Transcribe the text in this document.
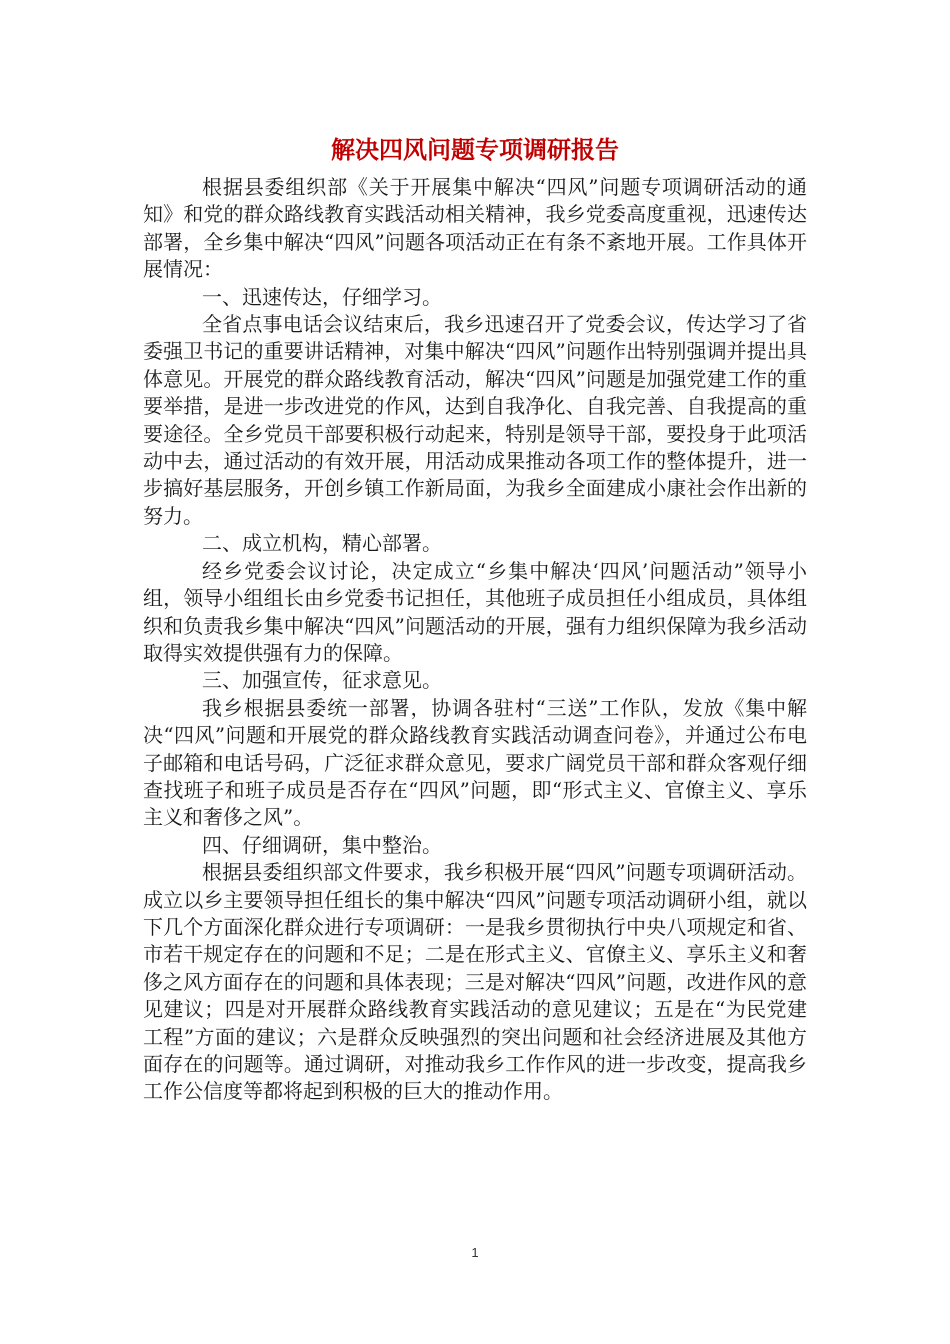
解决四风问题专项调研报告

根据县委组织部《关于开展集中解决“四风”问题专项调研活动的通知》和党的群众路线教育实践活动相关精神，我乡党委高度重视，迅速传达部署，全乡集中解决“四风”问题各项活动正在有条不紊地开展。工作具体开展情况：

一、迅速传达，仔细学习。

全省点事电话会议结束后，我乡迅速召开了党委会议，传达学习了省委强卫书记的重要讲话精神，对集中解决“四风”问题作出特别强调并提出具体意见。开展党的群众路线教育活动，解决“四风”问题是加强党建工作的重要举措，是进一步改进党的作风，达到自我净化、自我完善、自我提高的重要途径。全乡党员干部要积极行动起来，特别是领导干部，要投身于此项活动中去，通过活动的有效开展，用活动成果推动各项工作的整体提升，进一步搞好基层服务，开创乡镇工作新局面，为我乡全面建成小康社会作出新的努力。

二、成立机构，精心部署。

经乡党委会议讨论，决定成立“乡集中解决‘四风’问题活动”领导小组，领导小组组长由乡党委书记担任，其他班子成员担任小组成员，具体组织和负责我乡集中解决“四风”问题活动的开展，强有力组织保障为我乡活动取得实效提供强有力的保障。

三、加强宣传，征求意见。

我乡根据县委统一部署，协调各驻村“三送”工作队，发放《集中解决“四风”问题和开展党的群众路线教育实践活动调查问卷》，并通过公布电子邮箱和电话号码，广泛征求群众意见，要求广阔党员干部和群众客观仔细查找班子和班子成员是否存在“四风”问题，即“形式主义、官僚主义、享乐主义和奢侈之风”。

四、仔细调研，集中整治。

根据县委组织部文件要求，我乡积极开展“四风”问题专项调研活动。成立以乡主要领导担任组长的集中解决“四风”问题专项活动调研小组，就以下几个方面深化群众进行专项调研：一是我乡贯彻执行中央八项规定和省、市若干规定存在的问题和不足；二是在形式主义、官僚主义、享乐主义和奢侈之风方面存在的问题和具体表现；三是对解决“四风”问题，改进作风的意见建议；四是对开展群众路线教育实践活动的意见建议；五是在“为民党建工程”方面的建议；六是群众反映强烈的突出问题和社会经济进展及其他方面存在的问题等。通过调研，对推动我乡工作作风的进一步改变，提高我乡工作公信度等都将起到积极的巨大的推动作用。

1
